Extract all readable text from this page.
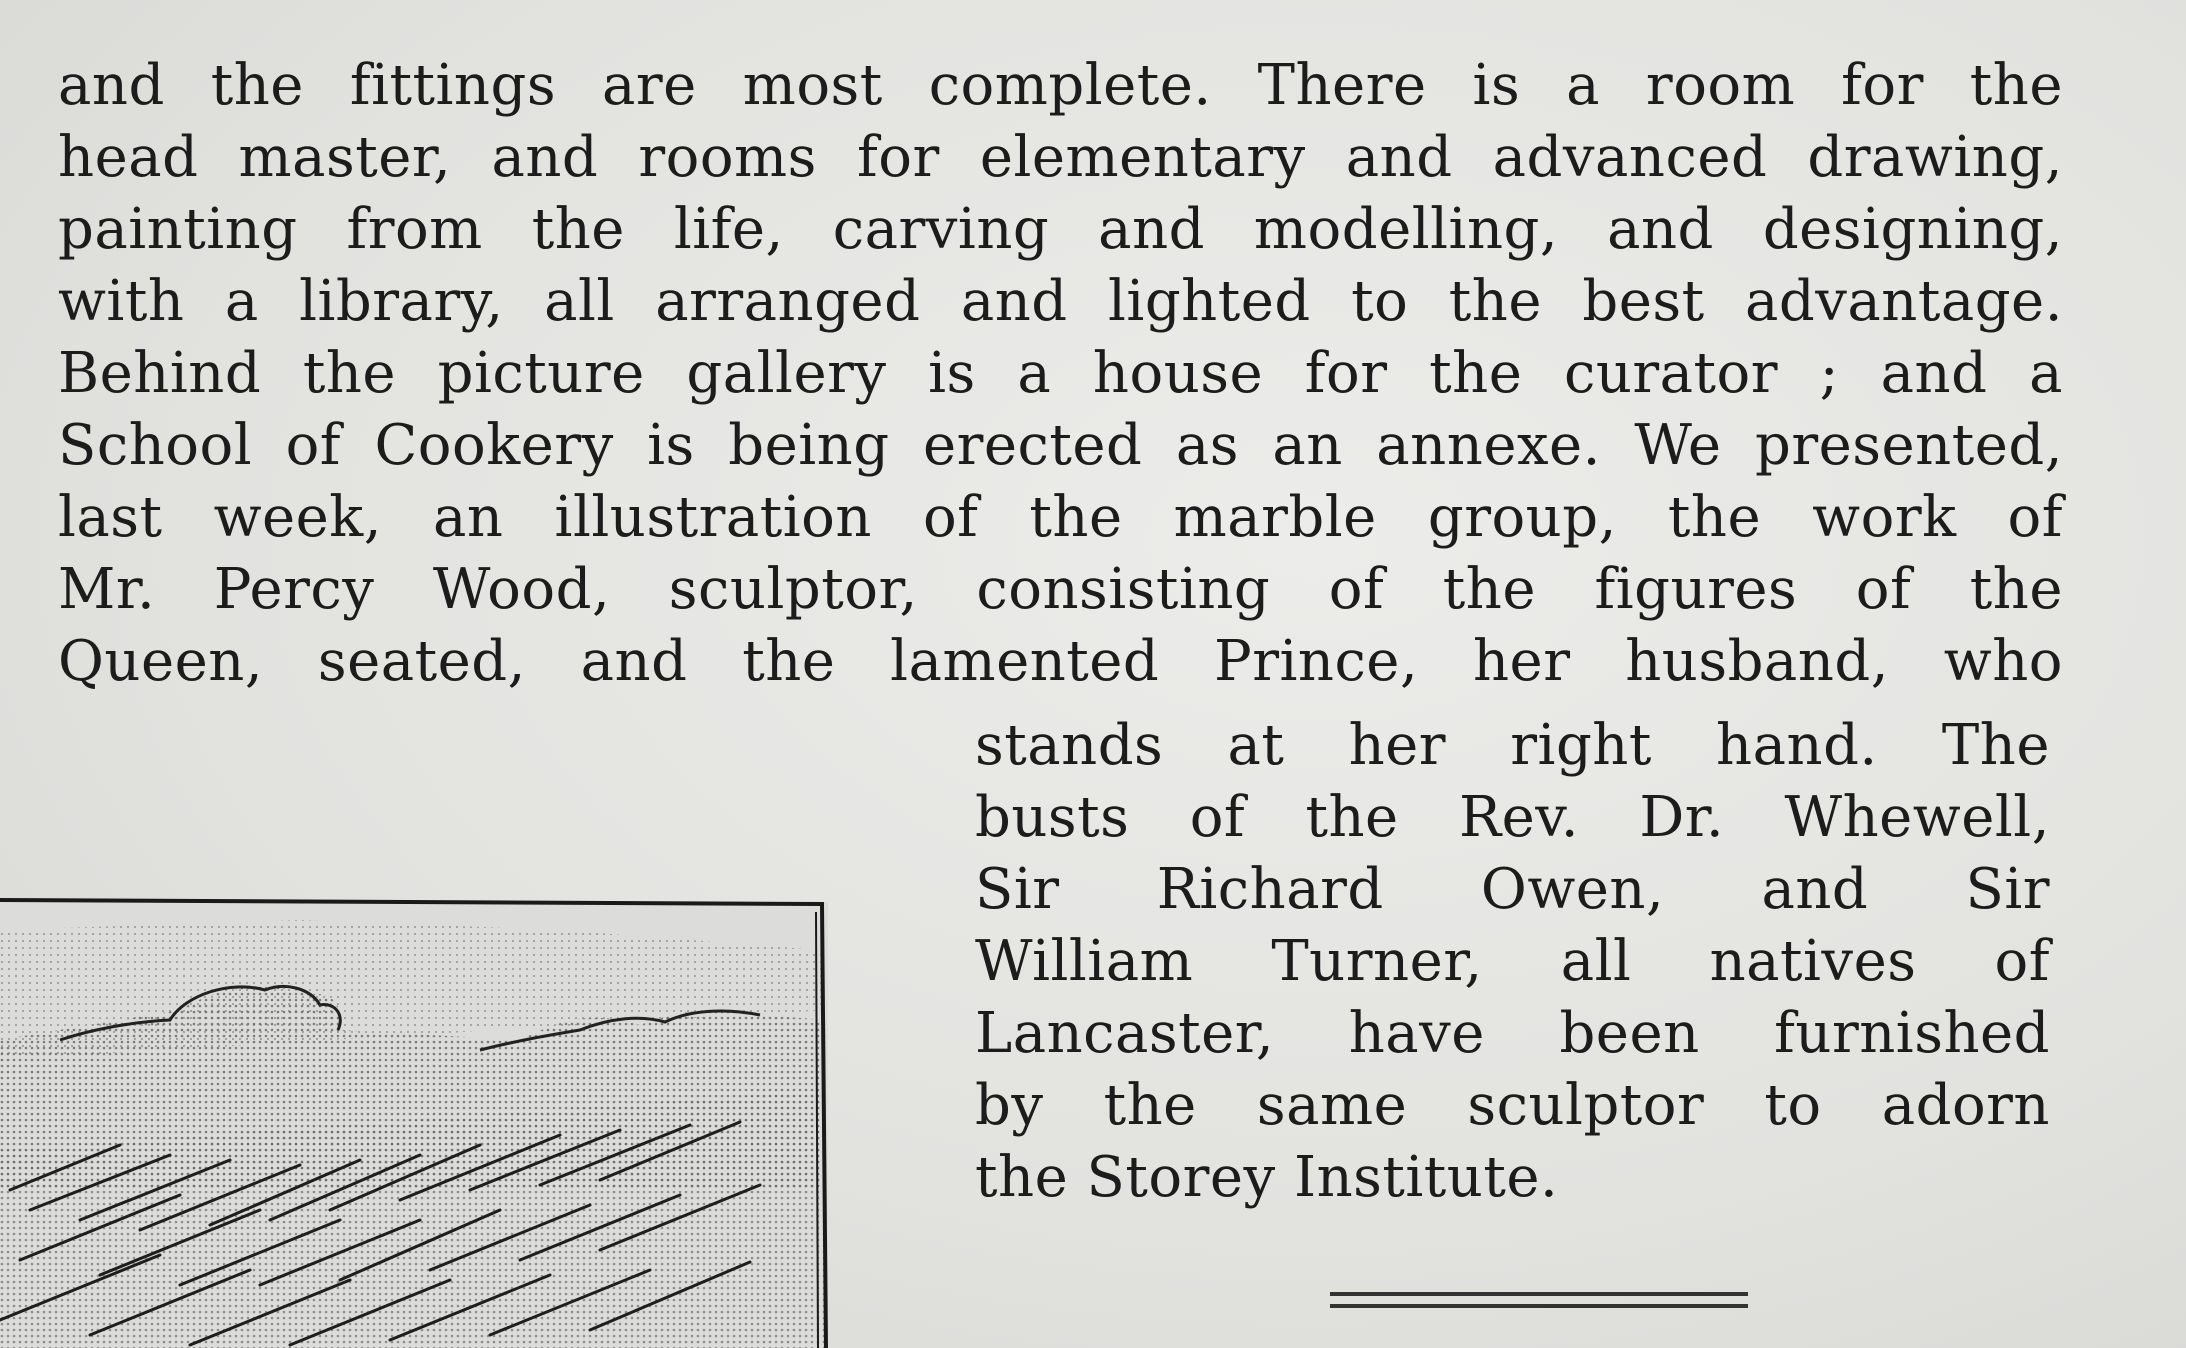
and the fittings are most complete. There is a room for the
head master, and rooms for elementary and advanced drawing,
painting from the life, carving and modelling, and designing,
with a library, all arranged and lighted to the best advantage.
Behind the picture gallery is a house for the curator ; and a
School of Cookery is being erected as an annexe. We presented,
last week, an illustration of the marble group, the work of
Mr. Percy Wood, sculptor, consisting of the figures of the
Queen, seated, and the lamented Prince, her husband, who
stands at her right hand. The
busts of the Rev. Dr. Whewell,
Sir Richard Owen, and Sir
William Turner, all natives of
Lancaster, have been furnished
by the same sculptor to adorn
the Storey Institute.
